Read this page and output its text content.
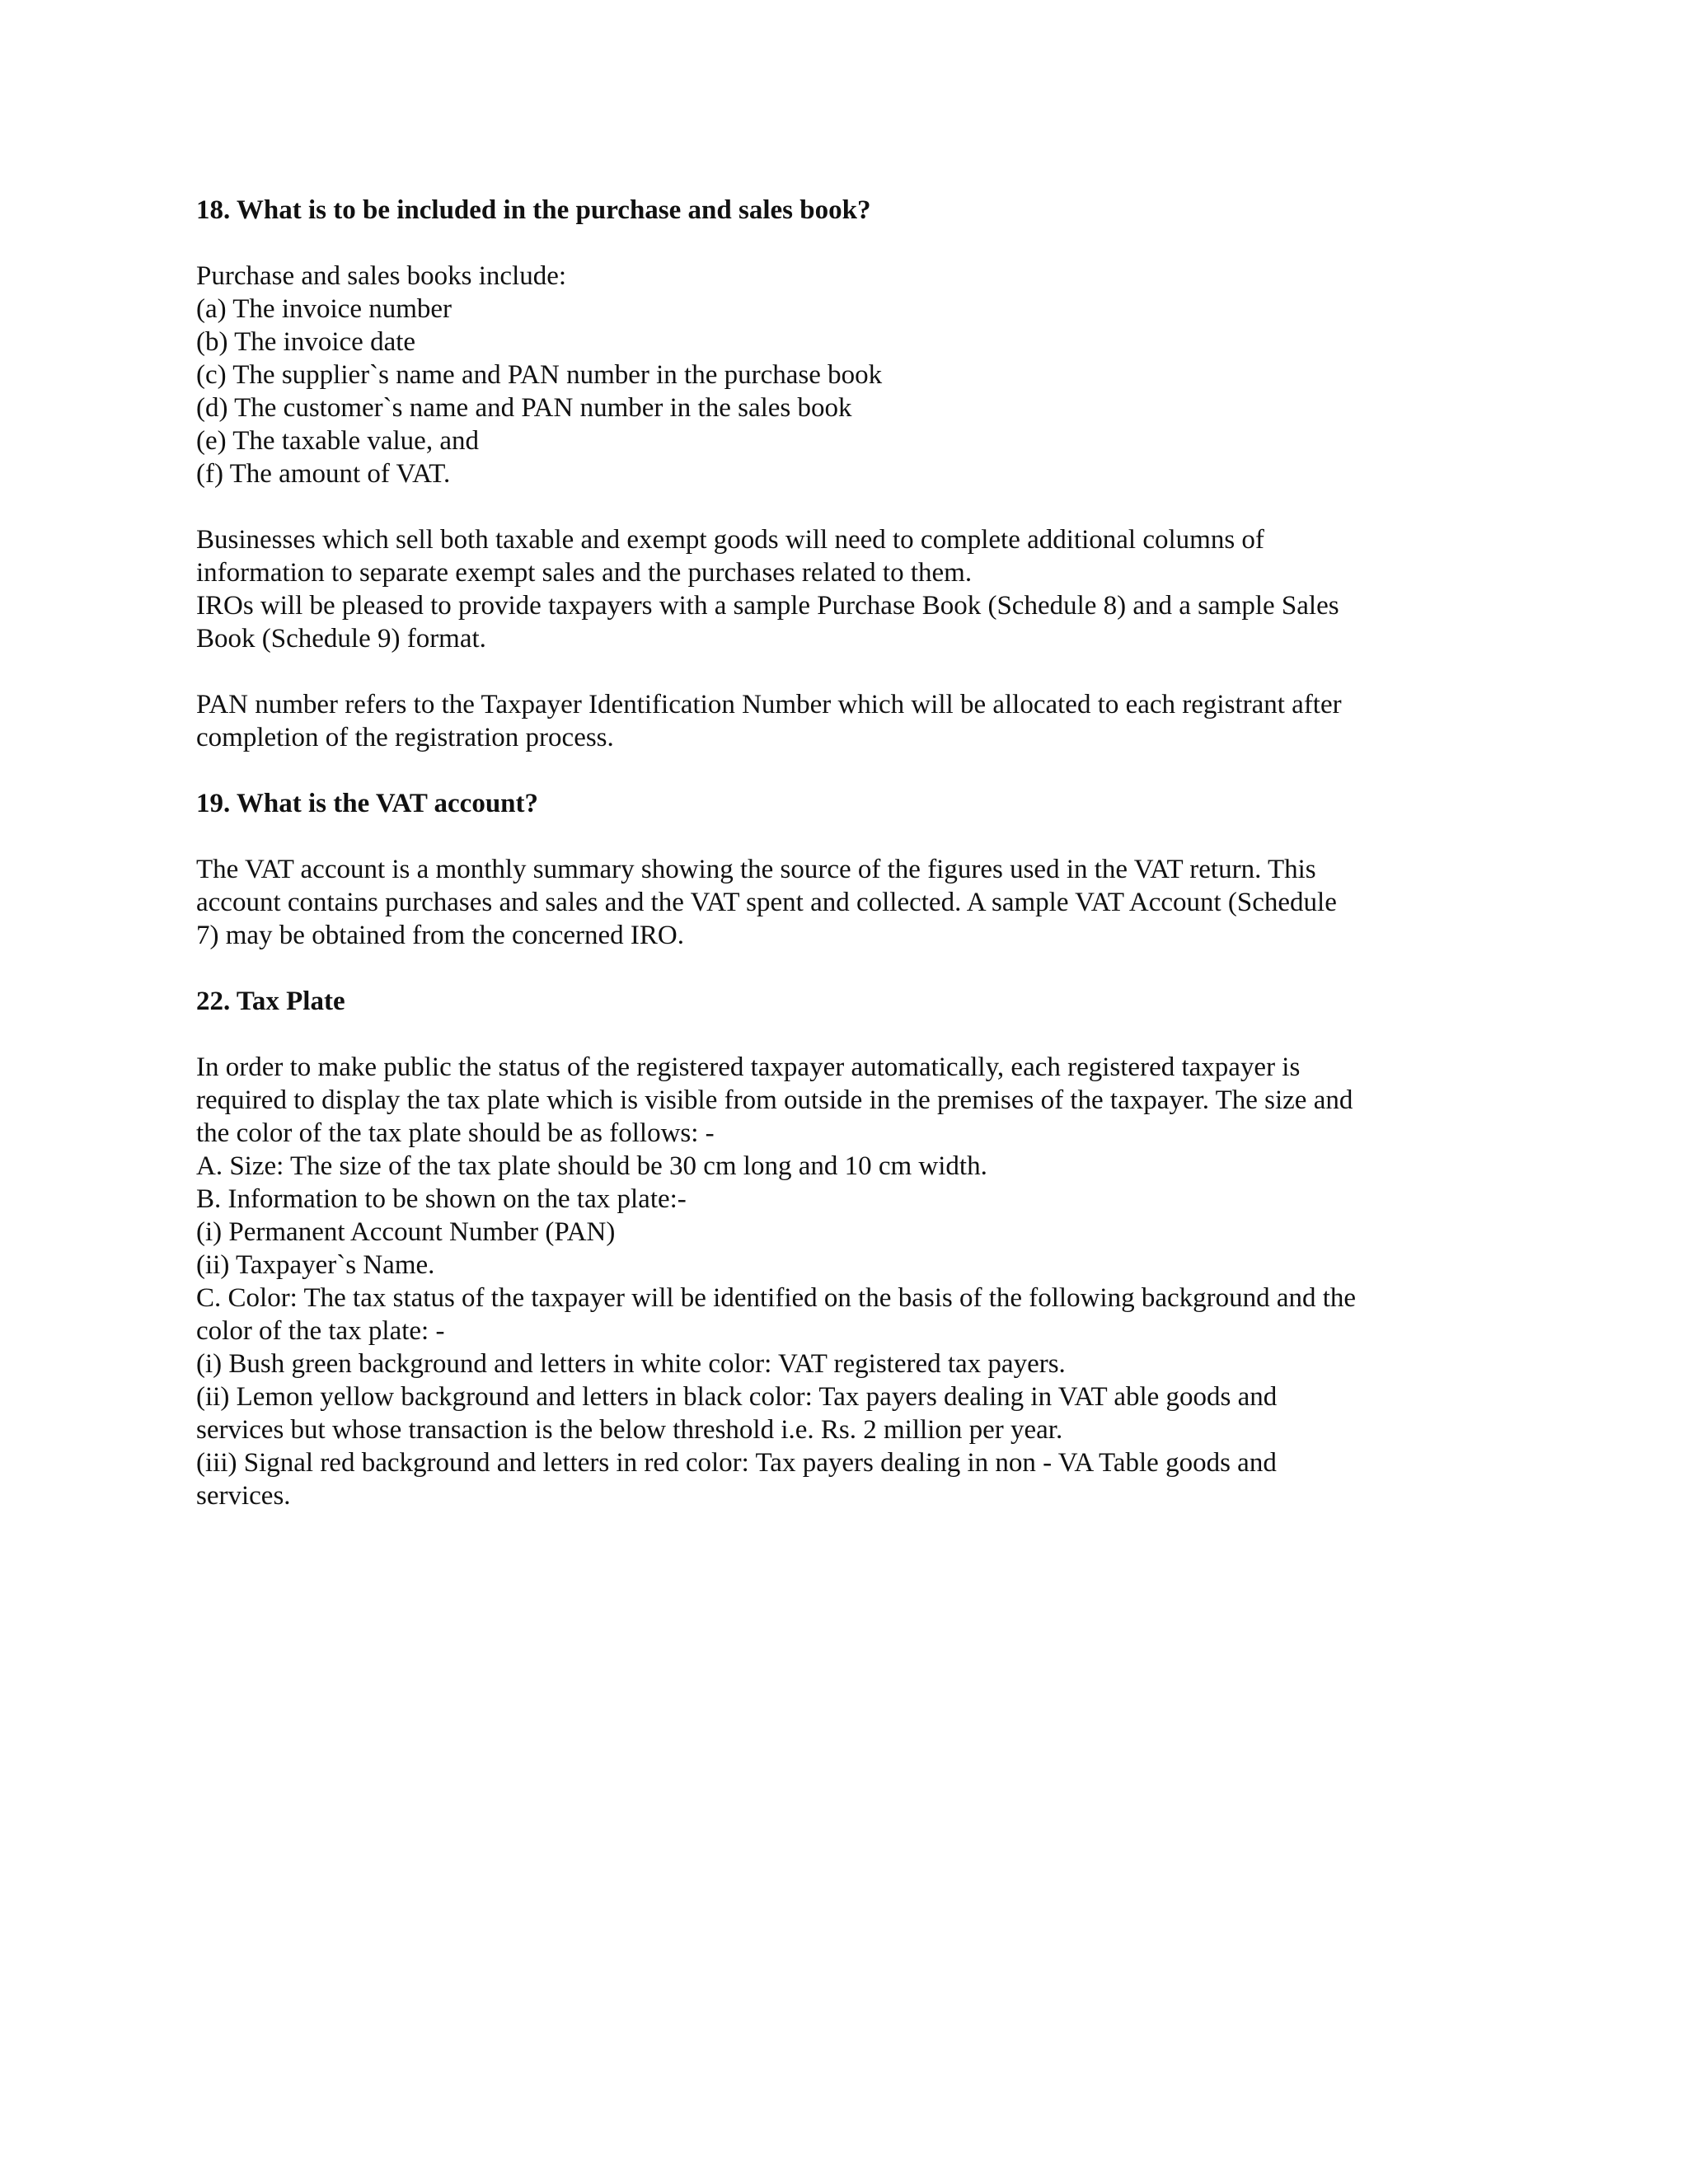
18. What is to be included in the purchase and sales book?

Purchase and sales books include:
(a) The invoice number
(b) The invoice date
(c) The supplier`s name and PAN number in the purchase book
(d) The customer`s name and PAN number in the sales book
(e) The taxable value, and
(f) The amount of VAT.
Businesses which sell both taxable and exempt goods will need to complete additional columns of
information to separate exempt sales and the purchases related to them.
IROs will be pleased to provide taxpayers with a sample Purchase Book (Schedule 8) and a sample Sales
Book (Schedule 9) format.
PAN number refers to the Taxpayer Identification Number which will be allocated to each registrant after
completion of the registration process.

19. What is the VAT account?

The VAT account is a monthly summary showing the source of the figures used in the VAT return. This
account contains purchases and sales and the VAT spent and collected. A sample VAT Account (Schedule
7) may be obtained from the concerned IRO.

22. Tax Plate

In order to make public the status of the registered taxpayer automatically, each registered taxpayer is
required to display the tax plate which is visible from outside in the premises of the taxpayer. The size and
the color of the tax plate should be as follows: -
A. Size: The size of the tax plate should be 30 cm long and 10 cm width.
B. Information to be shown on the tax plate:-
(i) Permanent Account Number (PAN)
(ii) Taxpayer`s Name.
C. Color: The tax status of the taxpayer will be identified on the basis of the following background and the
color of the tax plate: -
(i) Bush green background and letters in white color: VAT registered tax payers.
(ii) Lemon yellow background and letters in black color: Tax payers dealing in VAT able goods and
services but whose transaction is the below threshold i.e. Rs. 2 million per year.
(iii) Signal red background and letters in red color: Tax payers dealing in non - VA Table goods and
services.
